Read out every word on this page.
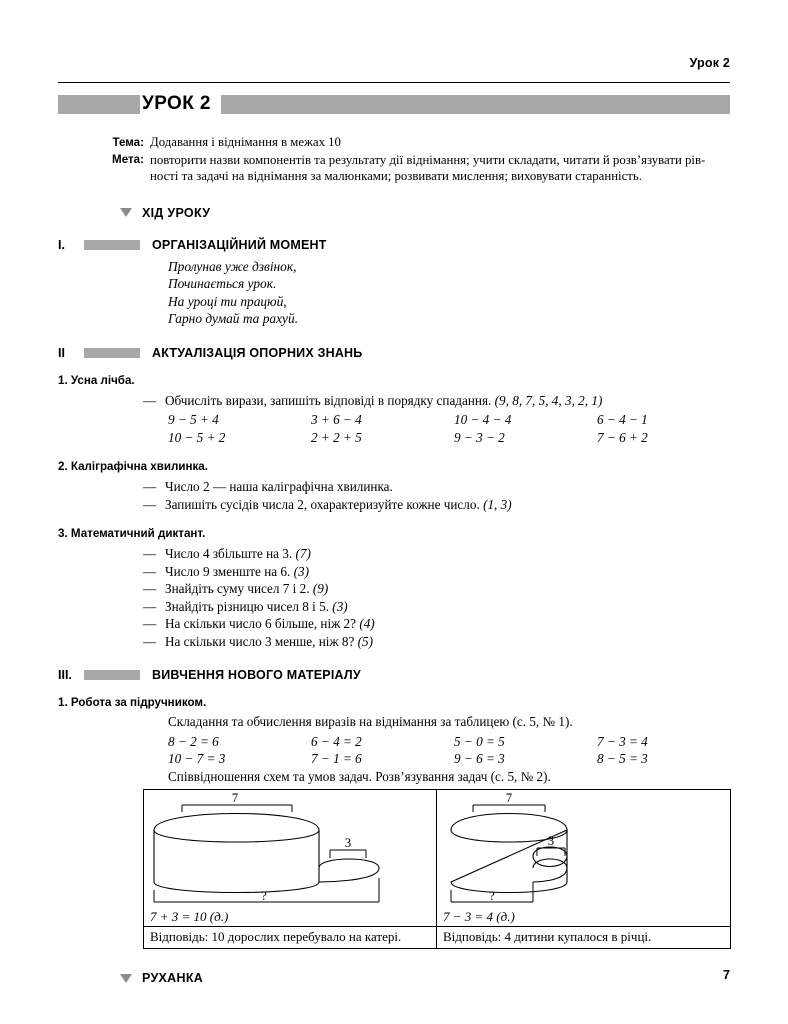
Урок 2
УРОК 2
Тема: Додавання і віднімання в межах 10
Мета: повторити назви компонентів та результату дії віднімання; учити складати, читати й розв’язувати рів-
ності та задачі на віднімання за малюнками; розвивати мислення; виховувати старанність.
ХІД УРОКУ
I.	ОРГАНІЗАЦІЙНИЙ МОМЕНТ
Пролунав уже дзвінок,
Починається урок.
На уроці ти працюй,
Гарно думай та рахуй.
II	АКТУАЛІЗАЦІЯ ОПОРНИХ ЗНАНЬ
1. Усна лічба.
— Обчисліть вирази, запишіть відповіді в порядку спадання. (9, 8, 7, 5, 4, 3, 2, 1)
9 − 5 + 4	3 + 6 − 4	10 − 4 − 4	6 − 4 − 1
10 − 5 + 2	2 + 2 + 5	9 − 3 − 2	7 − 6 + 2
2. Каліграфічна хвилинка.
— Число 2 — наша каліграфічна хвилинка.
— Запишіть сусідів числа 2, охарактеризуйте кожне число. (1, 3)
3. Математичний диктант.
— Число 4 збільште на 3. (7)
— Число 9 зменште на 6. (3)
— Знайдіть суму чисел 7 і 2. (9)
— Знайдіть різницю чисел 8 і 5. (3)
— На скільки число 6 більше, ніж 2? (4)
— На скільки число 3 менше, ніж 8? (5)
III.	ВИВЧЕННЯ НОВОГО МАТЕРІАЛУ
1. Робота за підручником.
Складання та обчислення виразів на віднімання за таблицею (с. 5, № 1).
8 − 2 = 6	6 − 4 = 2	5 − 0 = 5	7 − 3 = 4
10 − 7 = 3	7 − 1 = 6	9 − 6 = 3	8 − 5 = 3
Співвідношення схем та умов задач. Розв’язування задач (с. 5, № 2).
7
3
?
7 + 3 = 10 (д.)
Відповідь: 10 дорослих перебувало на катері.
7
3
?
7 − 3 = 4 (д.)
Відповідь: 4 дитини купалося в річці.
РУХАНКА	7
